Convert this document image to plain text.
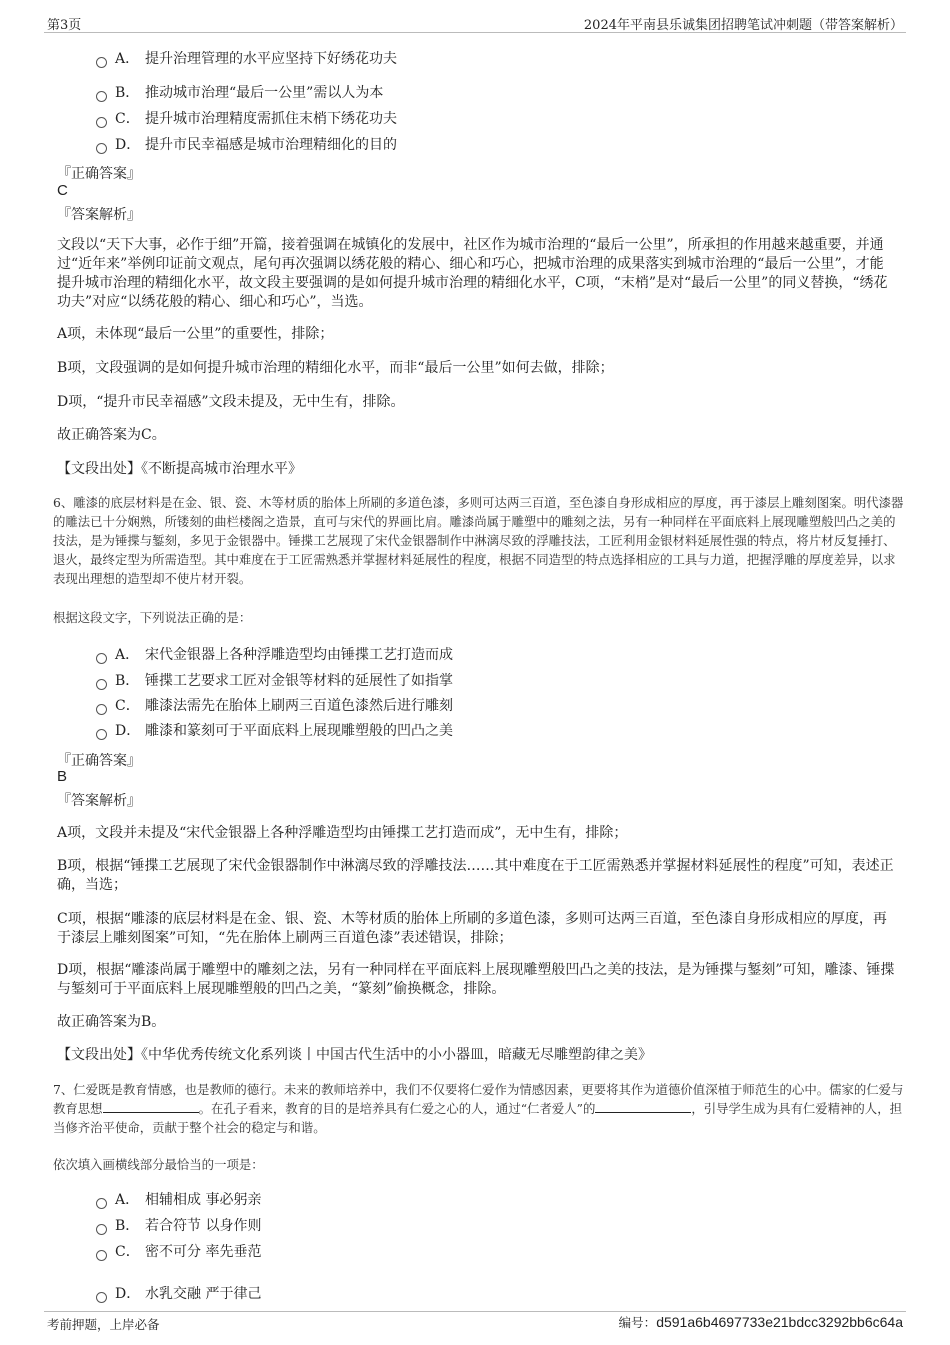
第3页	2024年平南县乐诚集团招聘笔试冲刺题（带答案解析）
A． 提升治理管理的水平应坚持下好绣花功夫
B． 推动城市治理“最后一公里”需以人为本
C． 提升城市治理精度需抓住末梢下绣花功夫
D． 提升市民幸福感是城市治理精细化的目的
『正确答案』
C
『答案解析』
文段以“天下大事，必作于细”开篇，接着强调在城镇化的发展中，社区作为城市治理的“最后一公里”，所承担的作用越来越重要，并通过“近年来”举例印证前文观点，尾句再次强调以绣花般的精心、细心和巧心，把城市治理的成果落实到城市治理的“最后一公里”，才能提升城市治理的精细化水平，故文段主要强调的是如何提升城市治理的精细化水平，C项，“末梢”是对“最后一公里”的同义替换，“绣花功夫”对应“以绣花般的精心、细心和巧心”，当选。
A项，未体现“最后一公里”的重要性，排除；
B项，文段强调的是如何提升城市治理的精细化水平，而非“最后一公里”如何去做，排除；
D项，“提升市民幸福感”文段未提及，无中生有，排除。
故正确答案为C。
【文段出处】《不断提高城市治理水平》
6、雕漆的底层材料是在金、银、瓷、木等材质的胎体上所刷的多道色漆，多则可达两三百道，至色漆自身形成相应的厚度，再于漆层上雕刻图案。明代漆器的雕法已十分娴熟，所镂刻的曲栏楼阁之造景，直可与宋代的界画比肩。雕漆尚属于雕塑中的雕刻之法，另有一种同样在平面底料上展现雕塑般凹凸之美的技法，是为锤揲与錾刻，多见于金银器中。锤揲工艺展现了宋代金银器制作中淋漓尽致的浮雕技法，工匠利用金银材料延展性强的特点，将片材反复捶打、退火，最终定型为所需造型。其中难度在于工匠需熟悉并掌握材料延展性的程度，根据不同造型的特点选择相应的工具与力道，把握浮雕的厚度差异，以求表现出理想的造型却不使片材开裂。
根据这段文字，下列说法正确的是：
A． 宋代金银器上各种浮雕造型均由锤揲工艺打造而成
B． 锤揲工艺要求工匠对金银等材料的延展性了如指掌
C． 雕漆法需先在胎体上刷两三百道色漆然后进行雕刻
D． 雕漆和篆刻可于平面底料上展现雕塑般的凹凸之美
『正确答案』
B
『答案解析』
A项，文段并未提及“宋代金银器上各种浮雕造型均由锤揲工艺打造而成”，无中生有，排除；
B项，根据“锤揲工艺展现了宋代金银器制作中淋漓尽致的浮雕技法……其中难度在于工匠需熟悉并掌握材料延展性的程度”可知，表述正确，当选；
C项，根据“雕漆的底层材料是在金、银、瓷、木等材质的胎体上所刷的多道色漆，多则可达两三百道，至色漆自身形成相应的厚度，再于漆层上雕刻图案”可知，“先在胎体上刷两三百道色漆”表述错误，排除；
D项，根据“雕漆尚属于雕塑中的雕刻之法，另有一种同样在平面底料上展现雕塑般凹凸之美的技法，是为锤揲与錾刻”可知，雕漆、锤揲与錾刻可于平面底料上展现雕塑般的凹凸之美，“篆刻”偷换概念，排除。
故正确答案为B。
【文段出处】《中华优秀传统文化系列谈丨中国古代生活中的小小器皿，暗藏无尽雕塑韵律之美》
7、仁爱既是教育情感，也是教师的德行。未来的教师培养中，我们不仅要将仁爱作为情感因素，更要将其作为道德价值深植于师范生的心中。儒家的仁爱与教育思想	。在孔子看来，教育的目的是培养具有仁爱之心的人，通过“仁者爱人”的	，引导学生成为具有仁爱精神的人，担当修齐治平使命，贡献于整个社会的稳定与和谐。
依次填入画横线部分最恰当的一项是：
A． 相辅相成 事必躬亲
B． 若合符节 以身作则
C． 密不可分 率先垂范
D． 水乳交融 严于律己
考前押题，上岸必备	编号：d591a6b4697733e21bdcc3292bb6c64a
